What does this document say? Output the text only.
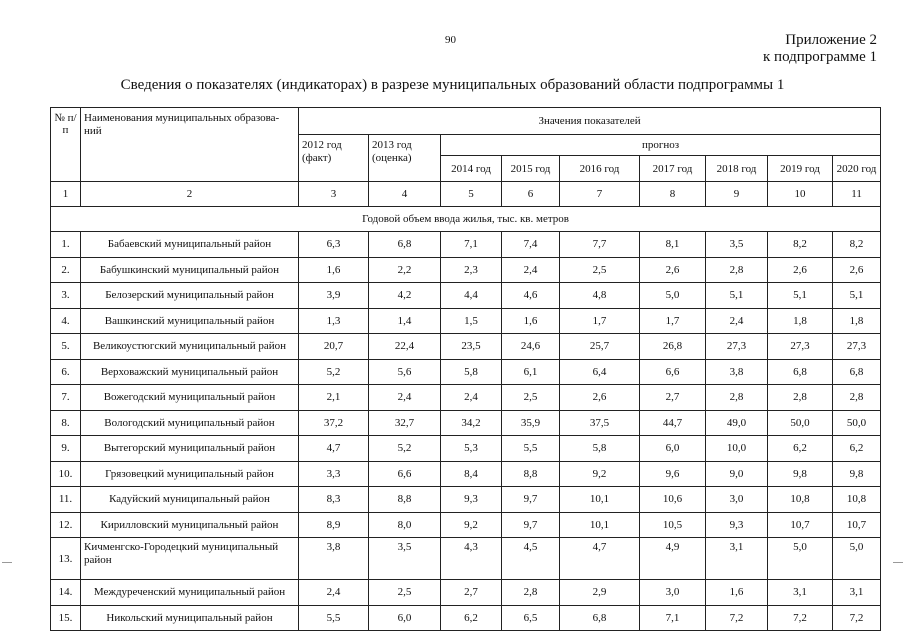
90	Приложение 2
к подпрограмме 1
Сведения о показателях (индикаторах) в разрезе муниципальных образований области подпрограммы 1
№ п/п	Наименования муниципальных образова- ний	Значения показателей								
		2012 год (факт)	2013 год (оценка)	прогноз						
				2014 год	2015 год	2016 год	2017 год	2018 год	2019 год	2020 год
1	2	3	4	5	6	7	8	9	10	11
Годовой объем ввода жилья, тыс. кв. метров										
1.	Бабаевский муниципальный район	6,3	6,8	7,1	7,4	7,7	8,1	3,5	8,2	8,2
2.	Бабушкинский муниципальный район	1,6	2,2	2,3	2,4	2,5	2,6	2,8	2,6	2,6
3.	Белозерский муниципальный район	3,9	4,2	4,4	4,6	4,8	5,0	5,1	5,1	5,1
4.	Вашкинский муниципальный район	1,3	1,4	1,5	1,6	1,7	1,7	2,4	1,8	1,8
5.	Великоустюгский муниципальный район	20,7	22,4	23,5	24,6	25,7	26,8	27,3	27,3	27,3
6.	Верховажский муниципальный район	5,2	5,6	5,8	6,1	6,4	6,6	3,8	6,8	6,8
7.	Вожегодский муниципальный район	2,1	2,4	2,4	2,5	2,6	2,7	2,8	2,8	2,8
8.	Вологодский муниципальный район	37,2	32,7	34,2	35,9	37,5	44,7	49,0	50,0	50,0
9.	Вытегорский муниципальный район	4,7	5,2	5,3	5,5	5,8	6,0	10,0	6,2	6,2
10.	Грязовецкий муниципальный район	3,3	6,6	8,4	8,8	9,2	9,6	9,0	9,8	9,8
11.	Кадуйский муниципальный район	8,3	8,8	9,3	9,7	10,1	10,6	3,0	10,8	10,8
12.	Кирилловский муниципальный район	8,9	8,0	9,2	9,7	10,1	10,5	9,3	10,7	10,7
13.	Кичменгско-Городецкий муниципальный район	3,8	3,5	4,3	4,5	4,7	4,9	3,1	5,0	5,0
14.	Междуреченский муниципальный район	2,4	2,5	2,7	2,8	2,9	3,0	1,6	3,1	3,1
15.	Никольский муниципальный район	5,5	6,0	6,2	6,5	6,8	7,1	7,2	7,2	7,2
